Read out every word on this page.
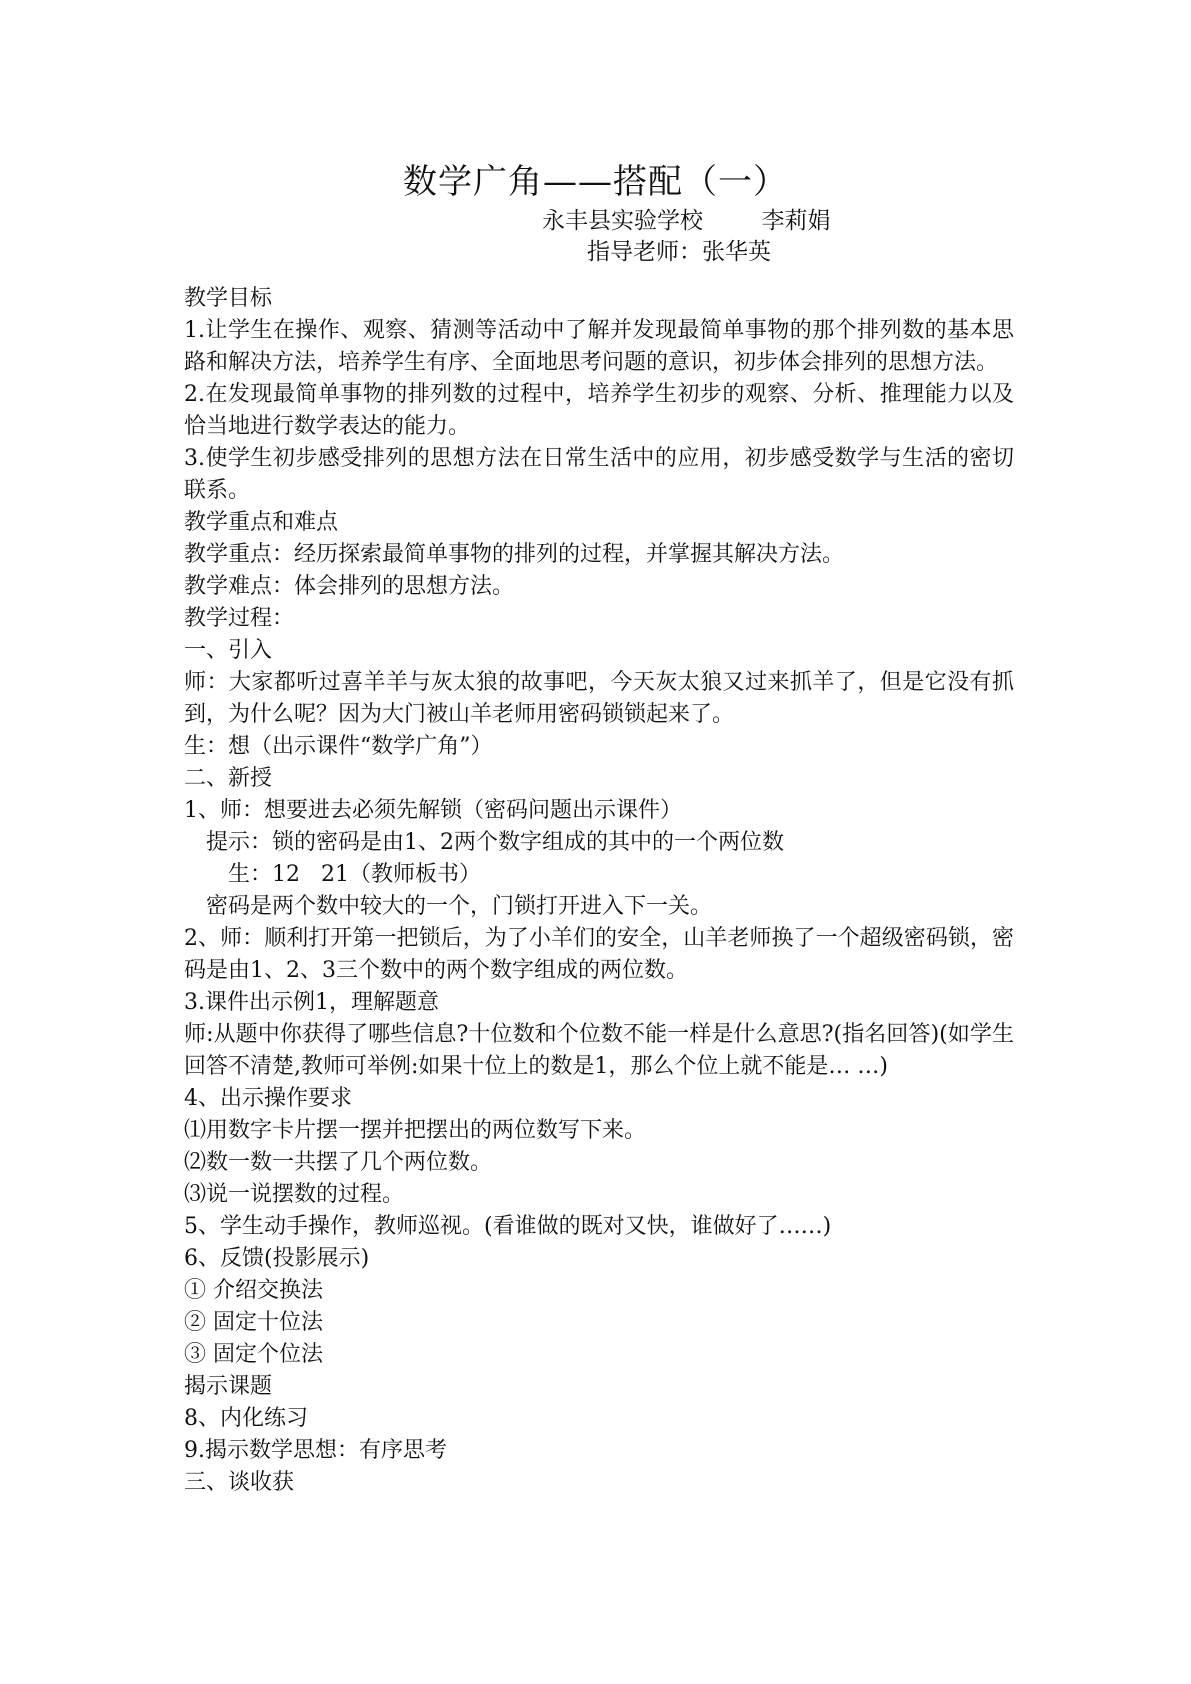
数学广角——搭配（一）
永丰县实验学校        李莉娟
指导老师：张华英
教学目标
1.让学生在操作、观察、猜测等活动中了解并发现最简单事物的那个排列数的基本思路和解决方法，培养学生有序、全面地思考问题的意识，初步体会排列的思想方法。
2.在发现最简单事物的排列数的过程中，培养学生初步的观察、分析、推理能力以及恰当地进行数学表达的能力。
3.使学生初步感受排列的思想方法在日常生活中的应用，初步感受数学与生活的密切联系。
教学重点和难点
教学重点：经历探索最简单事物的排列的过程，并掌握其解决方法。
教学难点：体会排列的思想方法。
教学过程：
一、引入
师：大家都听过喜羊羊与灰太狼的故事吧，今天灰太狼又过来抓羊了，但是它没有抓到，为什么呢？因为大门被山羊老师用密码锁锁起来了。
生：想（出示课件“数学广角”）
二、新授
1、师：想要进去必须先解锁（密码问题出示课件）
提示：锁的密码是由1、2两个数字组成的其中的一个两位数
生：12   21（教师板书）
密码是两个数中较大的一个，门锁打开进入下一关。
2、师：顺利打开第一把锁后，为了小羊们的安全，山羊老师换了一个超级密码锁，密码是由1、2、3三个数中的两个数字组成的两位数。
3.课件出示例1，理解题意
师:从题中你获得了哪些信息?十位数和个位数不能一样是什么意思?(指名回答)(如学生回答不清楚,教师可举例:如果十位上的数是1，那么个位上就不能是… …)
4、出示操作要求
⑴用数字卡片摆一摆并把摆出的两位数写下来。
⑵数一数一共摆了几个两位数。
⑶说一说摆数的过程。
5、学生动手操作，教师巡视。(看谁做的既对又快，谁做好了……)
6、反馈(投影展示)
① 介绍交换法
② 固定十位法
③ 固定个位法
揭示课题
8、内化练习
9.揭示数学思想：有序思考
三、谈收获
